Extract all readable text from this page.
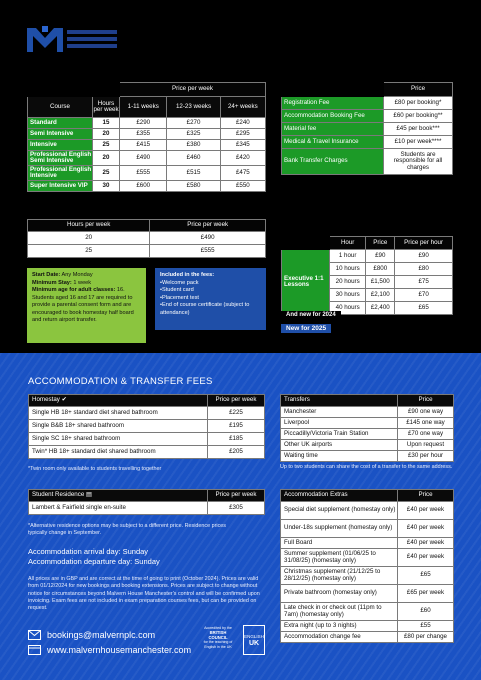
		Price per week		
Course	Hours per week	1-11 weeks	12-23 weeks	24+ weeks
Standard	15	£290	£270	£240
Semi Intensive	20	£355	£325	£295
Intensive	25	£415	£380	£345
Professional English Semi Intensive	20	£490	£460	£420
Professional English Intensive	25	£555	£515	£475
Super Intensive VIP	30	£600	£580	£550
	Price
Registration Fee	£80 per booking*
Accommodation Booking Fee	£60 per booking**
Material fee	£45 per book***
Medical & Travel Insurance	£10 per week****
Bank Transfer Charges	Students are responsible for all charges
Hours per week	Price per week
20	£490
25	£555
	Hour	Price	Price per hour
Executive 1:1 Lessons	1 hour	£90	£90
	10 hours	£800	£80
	20 hours	£1,500	£75
	30 hours	£2,100	£70
	40 hours	£2,400	£65
And new for 2024
New for 2025
Start Date: Any Monday
Minimum Stay: 1 week
Minimum age for adult classes: 16. Students aged 16 and 17 are required to provide a parental consent form and are encouraged to book homestay half board and return airport transfer.
Included in the fees:
• Welcome pack
• Student card
• Placement test
• End of course certificate (subject to attendance)
ACCOMMODATION & TRANSFER FEES
Homestay ✔	Price per week
Single HB 18+ standard diet shared bathroom	£225
Single B&B 18+ shared bathroom	£195
Single SC 18+ shared bathroom	£185
Twin* HB 18+ standard diet shared bathroom	£205
*Twin room only available to students travelling together
Student Residence ▤	Price per week
Lambert & Fairfield single en-suite	£305
*Alternative residence options may be subject to a different price. Residence prices typically change in September.
Accommodation arrival day: Sunday
Accommodation departure day: Sunday
All prices are in GBP and are correct at the time of going to print (October 2024). Prices are valid from 01/12/2024 for new bookings and booking extensions. Prices are subject to change without notice for circumstances beyond Malvern House Manchester's control and will be confirmed upon invoicing. Exam fees are not included in exam preparation courses fees, but can be provided on request.
Transfers	Price
Manchester	£90 one way
Liverpool	£145 one way
Piccadilly/Victoria Train Station	£70 one way
Other UK airports	Upon request
Waiting time	£30 per hour
Up to two students can share the cost of a transfer to the same address.
Accommodation Extras	Price
Special diet supplement (homestay only)	£40 per week
Under-18s supplement (homestay only)	£40 per week
Full Board	£40 per week
Summer supplement (01/06/25 to 31/08/25) (homestay only)	£40 per week
Christmas supplement (21/12/25 to 28/12/25) (homestay only)	£65
Private bathroom (homestay only)	£65 per week
Late check in or check out (11pm to 7am) (homestay only)	£60
Extra night (up to 3 nights)	£55
Accommodation change fee	£80 per change
bookings@malvernplc.com
www.malvernhousemanchester.com
Accredited by the
BRITISH COUNCIL
for the teaching of English in the UK
ENGLISH
UK
